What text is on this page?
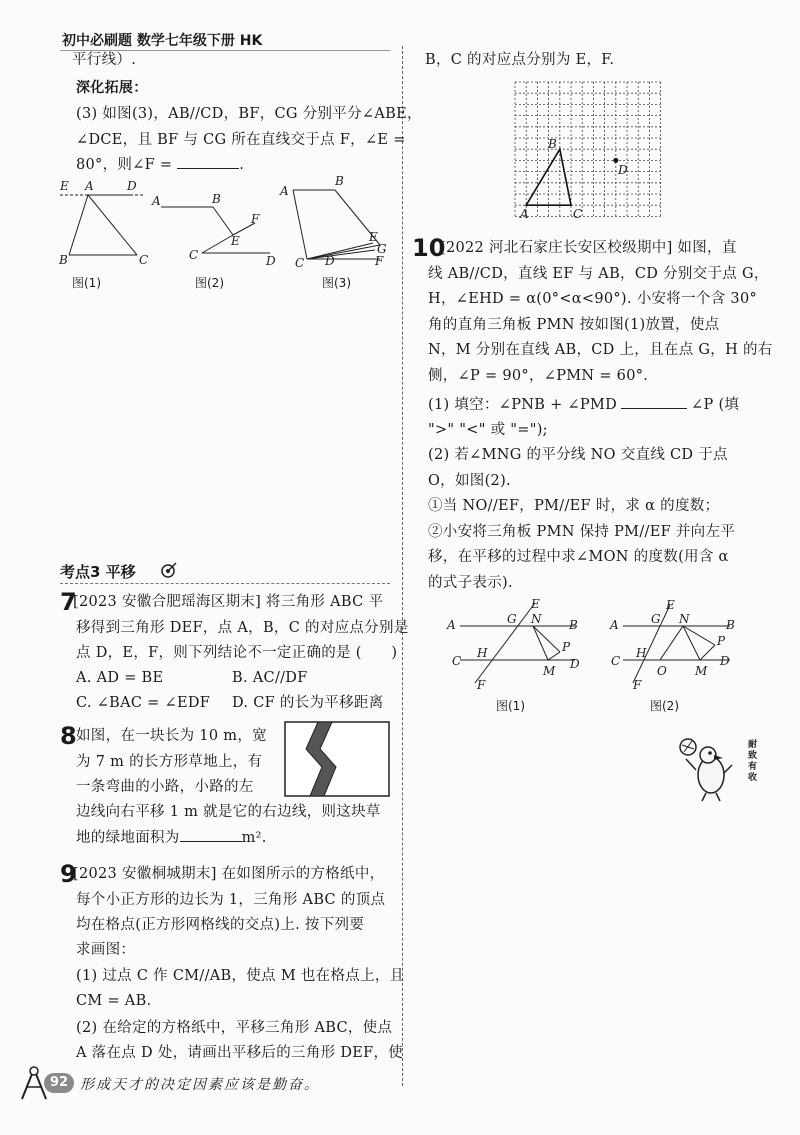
初中必刷题 数学七年级下册 HK
平行线）.
深化拓展：
(3) 如图(3)，AB//CD，BF，CG 分别平分∠ABE，
∠DCE，且 BF 与 CG 所在直线交于点 F，∠E =
80°，则∠F =	.
E A	D
B	C
A	B
F
E
C	D
A
B
E
G
F
C D
图(1)	图(2)	图(3)
考点3 平移
7
[2023 安徽合肥瑶海区期末] 将三角形 ABC 平
移得到三角形 DEF，点 A，B，C 的对应点分别是
点 D，E，F，则下列结论不一定正确的是 (　　)
A. AD = BE	B. AC//DF
C. ∠BAC = ∠EDF D. CF 的长为平移距离
8 如图，在一块长为 10 m，宽
为 7 m 的长方形草地上，有
一条弯曲的小路，小路的左
边线向右平移 1 m 就是它的右边线，则这块草
地的绿地面积为	m².
9
[2023 安徽桐城期末] 在如图所示的方格纸中，
每个小正方形的边长为 1，三角形 ABC 的顶点
均在格点(正方形网格线的交点)上. 按下列要
求画图：
(1) 过点 C 作 CM//AB，使点 M 也在格点上，且
CM = AB.
(2) 在给定的方格纸中，平移三角形 ABC，使点
A 落在点 D 处，请画出平移后的三角形 DEF，使
B，C 的对应点分别为 E，F.
A
B
C
D
10
[2022 河北石家庄长安区校级期中] 如图，直
线 AB//CD，直线 EF 与 AB，CD 分别交于点 G，
H，∠EHD = α(0°<α<90°). 小安将一个含 30°
角的直角三角板 PMN 按如图(1)放置，使点
N，M 分别在直线 AB，CD 上，且在点 G，H 的右
侧，∠P = 90°，∠PMN = 60°.
(1) 填空：∠PNB + ∠PMD	∠P (填
">" "<" 或 "=");
(2) 若∠MNG 的平分线 NO 交直线 CD 于点
O，如图(2).
①当 NO//EF，PM//EF 时，求 α 的度数；
②小安将三角板 PMN 保持 PM//EF 并向左平
移，在平移的过程中求∠MON 的度数(用含 α
的式子表示).
A	B
C	D
E
F
G
H
N
M
P
A	B
C	D
E
F
G
H
N
O M
P
图(1)	图(2)
耐致有收
92 形成天才的决定因素应该是勤奋。
